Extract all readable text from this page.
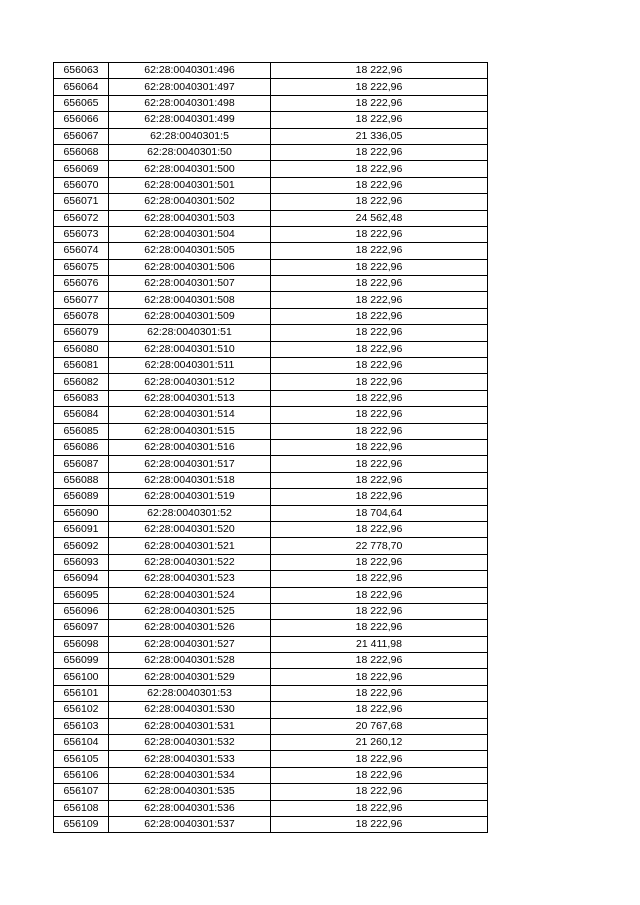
656063	62:28:0040301:496	18 222,96
656064	62:28:0040301:497	18 222,96
656065	62:28:0040301:498	18 222,96
656066	62:28:0040301:499	18 222,96
656067	62:28:0040301:5	21 336,05
656068	62:28:0040301:50	18 222,96
656069	62:28:0040301:500	18 222,96
656070	62:28:0040301:501	18 222,96
656071	62:28:0040301:502	18 222,96
656072	62:28:0040301:503	24 562,48
656073	62:28:0040301:504	18 222,96
656074	62:28:0040301:505	18 222,96
656075	62:28:0040301:506	18 222,96
656076	62:28:0040301:507	18 222,96
656077	62:28:0040301:508	18 222,96
656078	62:28:0040301:509	18 222,96
656079	62:28:0040301:51	18 222,96
656080	62:28:0040301:510	18 222,96
656081	62:28:0040301:511	18 222,96
656082	62:28:0040301:512	18 222,96
656083	62:28:0040301:513	18 222,96
656084	62:28:0040301:514	18 222,96
656085	62:28:0040301:515	18 222,96
656086	62:28:0040301:516	18 222,96
656087	62:28:0040301:517	18 222,96
656088	62:28:0040301:518	18 222,96
656089	62:28:0040301:519	18 222,96
656090	62:28:0040301:52	18 704,64
656091	62:28:0040301:520	18 222,96
656092	62:28:0040301:521	22 778,70
656093	62:28:0040301:522	18 222,96
656094	62:28:0040301:523	18 222,96
656095	62:28:0040301:524	18 222,96
656096	62:28:0040301:525	18 222,96
656097	62:28:0040301:526	18 222,96
656098	62:28:0040301:527	21 411,98
656099	62:28:0040301:528	18 222,96
656100	62:28:0040301:529	18 222,96
656101	62:28:0040301:53	18 222,96
656102	62:28:0040301:530	18 222,96
656103	62:28:0040301:531	20 767,68
656104	62:28:0040301:532	21 260,12
656105	62:28:0040301:533	18 222,96
656106	62:28:0040301:534	18 222,96
656107	62:28:0040301:535	18 222,96
656108	62:28:0040301:536	18 222,96
656109	62:28:0040301:537	18 222,96
